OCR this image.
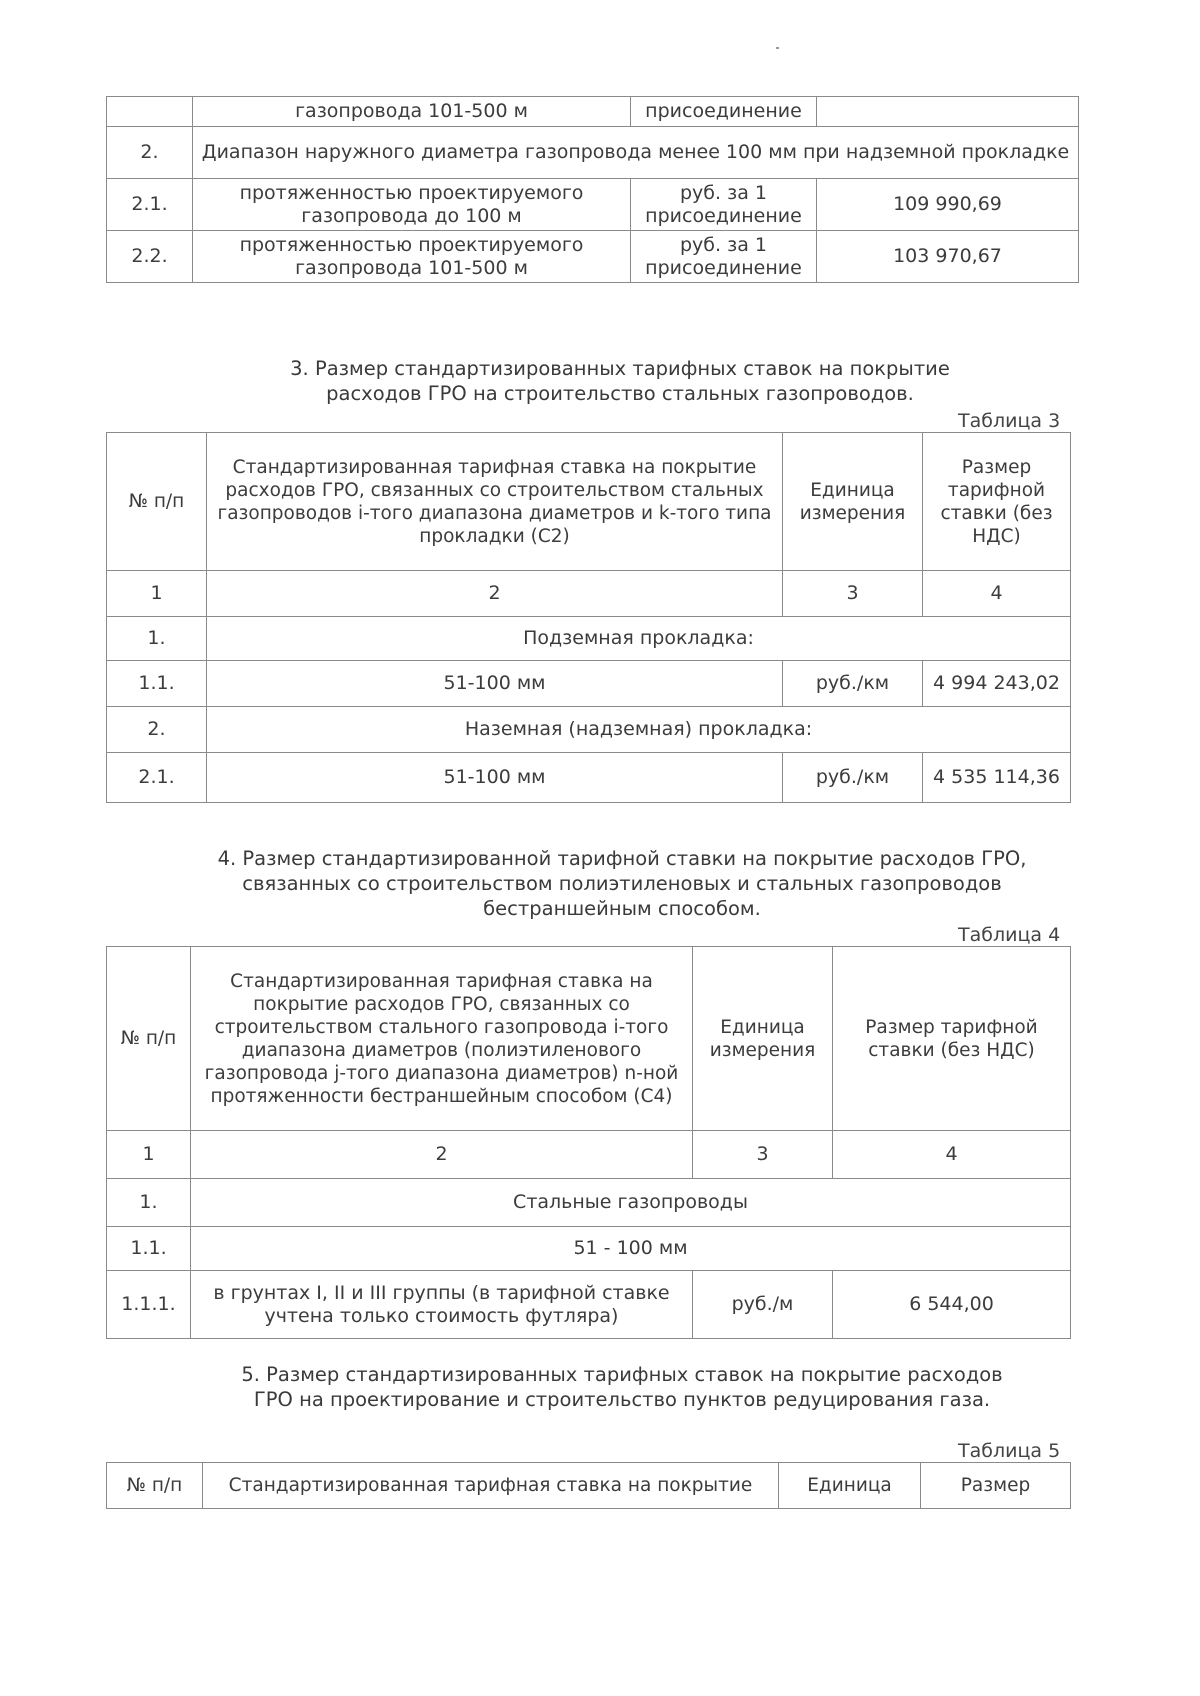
	газопровода 101-500 м	присоединение	
2.	Диапазон наружного диаметра газопровода менее 100 мм при надземной прокладке		
2.1.	протяженностью проектируемого газопровода до 100 м	руб. за 1 присоединение	109 990,69
2.2.	протяженностью проектируемого газопровода 101-500 м	руб. за 1 присоединение	103 970,67
3. Размер стандартизированных тарифных ставок на покрытие расходов ГРО на строительство стальных газопроводов.
Таблица 3
№ п/п	Стандартизированная тарифная ставка на покрытие расходов ГРО, связанных со строительством стальных газопроводов i-того диапазона диаметров и k-того типа прокладки (С2)	Единица измерения	Размер тарифной ставки (без НДС)
1	2	3	4
1.	Подземная прокладка:		
1.1.	51-100 мм	руб./км	4 994 243,02
2.	Наземная (надземная) прокладка:		
2.1.	51-100 мм	руб./км	4 535 114,36
4. Размер стандартизированной тарифной ставки на покрытие расходов ГРО, связанных со строительством полиэтиленовых и стальных газопроводов бестраншейным способом.
Таблица 4
№ п/п	Стандартизированная тарифная ставка на покрытие расходов ГРО, связанных со строительством стального газопровода i-того диапазона диаметров (полиэтиленового газопровода j-того диапазона диаметров) n-ной протяженности бестраншейным способом (С4)	Единица измерения	Размер тарифной ставки (без НДС)
1	2	3	4
1.	Стальные газопроводы		
1.1.	51 - 100 мм		
1.1.1.	в грунтах I, II и III группы (в тарифной ставке учтена только стоимость футляра)	руб./м	6 544,00
5. Размер стандартизированных тарифных ставок на покрытие расходов ГРО на проектирование и строительство пунктов редуцирования газа.
Таблица 5
№ п/п	Стандартизированная тарифная ставка на покрытие	Единица	Размер
